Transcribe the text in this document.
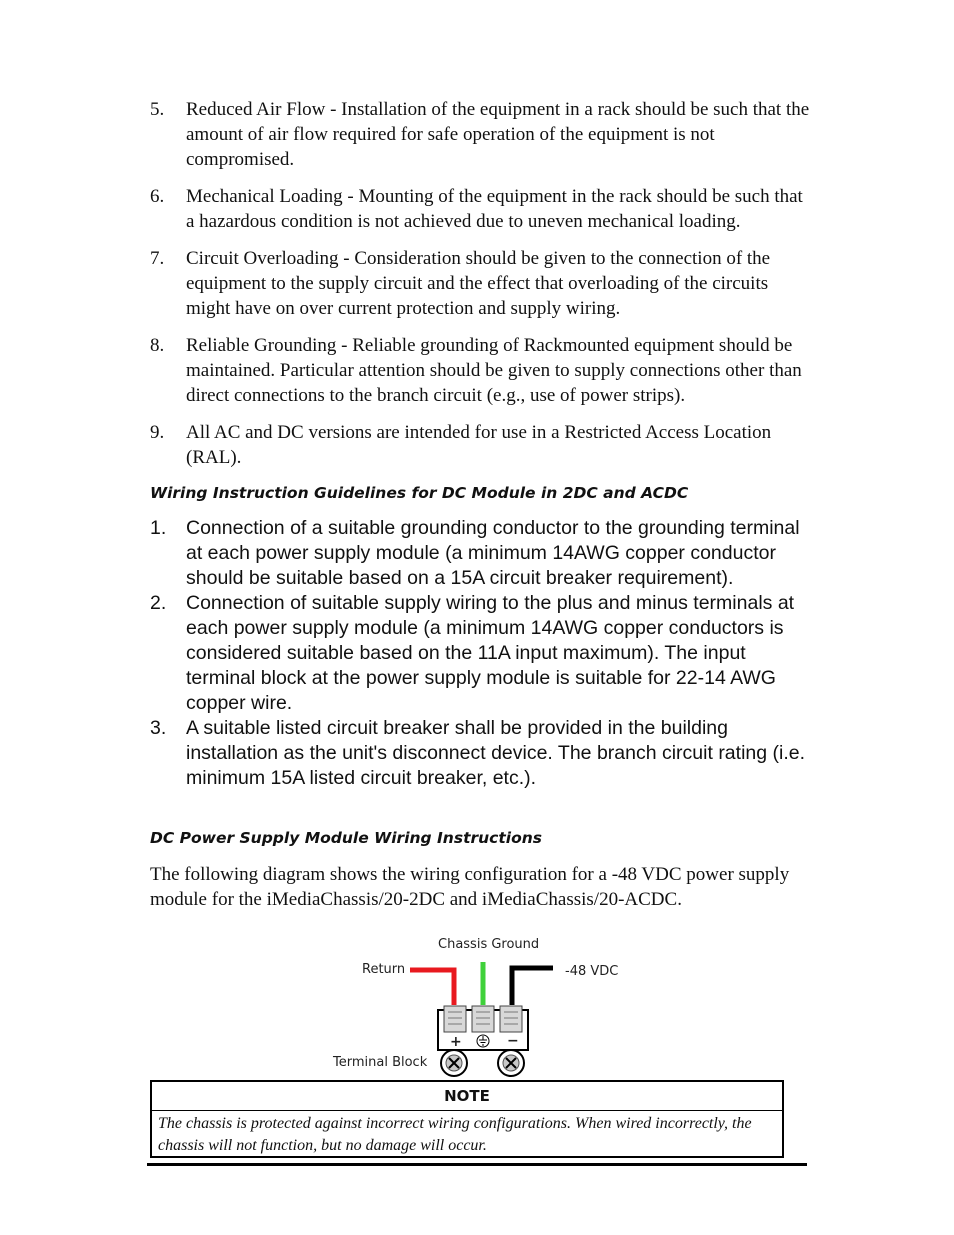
5. Reduced Air Flow - Installation of the equipment in a rack should be such that the amount of air flow required for safe operation of the equipment is not compromised.
6. Mechanical Loading - Mounting of the equipment in the rack should be such that a hazardous condition is not achieved due to uneven mechanical loading.
7. Circuit Overloading - Consideration should be given to the connection of the equipment to the supply circuit and the effect that overloading of the circuits might have on over current protection and supply wiring.
8. Reliable Grounding - Reliable grounding of Rackmounted equipment should be maintained. Particular attention should be given to supply connections other than direct connections to the branch circuit (e.g., use of power strips).
9. All AC and DC versions are intended for use in a Restricted Access Location (RAL).
Wiring Instruction Guidelines for DC Module in 2DC and ACDC
1. Connection of a suitable grounding conductor to the grounding terminal at each power supply module (a minimum 14AWG copper conductor should be suitable based on a 15A circuit breaker requirement).
2. Connection of suitable supply wiring to the plus and minus terminals at each power supply module (a minimum 14AWG copper conductors is considered suitable based on the 11A input maximum). The input terminal block at the power supply module is suitable for 22-14 AWG copper wire.
3. A suitable listed circuit breaker shall be provided in the building installation as the unit's disconnect device. The branch circuit rating (i.e. minimum 15A listed circuit breaker, etc.).
DC Power Supply Module Wiring Instructions
The following diagram shows the wiring configuration for a -48 VDC power supply module for the iMediaChassis/20-2DC and iMediaChassis/20-ACDC.
Chassis Ground
Return	-48 VDC
Terminal Block
+	−
NOTE
The chassis is protected against incorrect wiring configurations. When wired incorrectly, the chassis will not function, but no damage will occur.
